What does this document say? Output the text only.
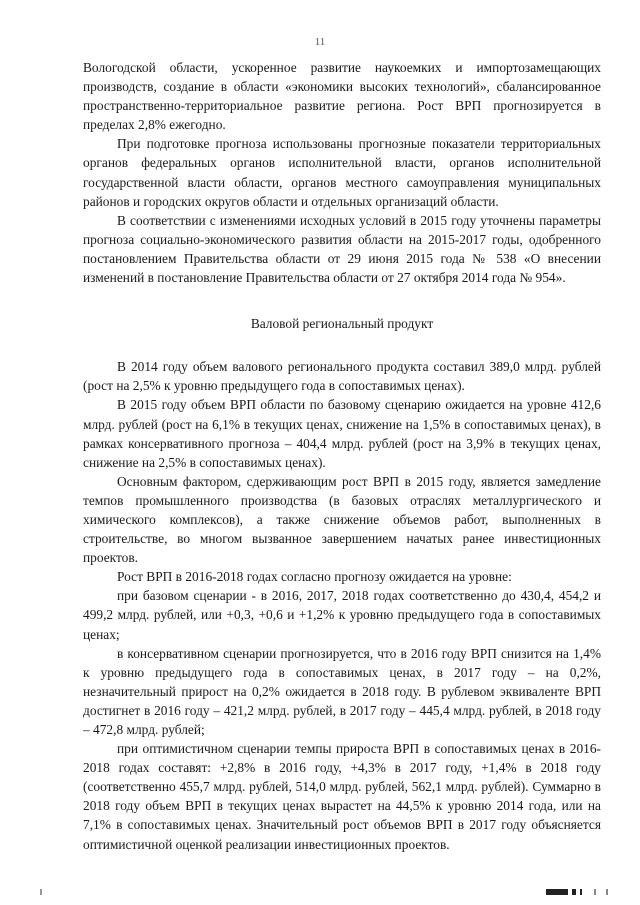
11

Вологодской области, ускоренное развитие наукоемких и импортозамещающих производств, создание в области «экономики высоких технологий», сбалансированное пространственно-территориальное развитие региона. Рост ВРП прогнозируется в пределах 2,8% ежегодно.

При подготовке прогноза использованы прогнозные показатели территориальных органов федеральных органов исполнительной власти, органов исполнительной государственной власти области, органов местного самоуправления муниципальных районов и городских округов области и отдельных организаций области.

В соответствии с изменениями исходных условий в 2015 году уточнены параметры прогноза социально-экономического развития области на 2015-2017 годы, одобренного постановлением Правительства области от 29 июня 2015 года № 538 «О внесении изменений в постановление Правительства области от 27 октября 2014 года № 954».

Валовой региональный продукт

В 2014 году объем валового регионального продукта составил 389,0 млрд. рублей (рост на 2,5% к уровню предыдущего года в сопоставимых ценах).

В 2015 году объем ВРП области по базовому сценарию ожидается на уровне 412,6 млрд. рублей (рост на 6,1% в текущих ценах, снижение на 1,5% в сопоставимых ценах), в рамках консервативного прогноза – 404,4 млрд. рублей (рост на 3,9% в текущих ценах, снижение на 2,5% в сопоставимых ценах).

Основным фактором, сдерживающим рост ВРП в 2015 году, является замедление темпов промышленного производства (в базовых отраслях металлургического и химического комплексов), а также снижение объемов работ, выполненных в строительстве, во многом вызванное завершением начатых ранее инвестиционных проектов.

Рост ВРП в 2016-2018 годах согласно прогнозу ожидается на уровне:

при базовом сценарии - в 2016, 2017, 2018 годах соответственно до 430,4, 454,2 и 499,2 млрд. рублей, или +0,3, +0,6 и +1,2% к уровню предыдущего года в сопоставимых ценах;

в консервативном сценарии прогнозируется, что в 2016 году ВРП снизится на 1,4% к уровню предыдущего года в сопоставимых ценах, в 2017 году – на 0,2%, незначительный прирост на 0,2% ожидается в 2018 году. В рублевом эквиваленте ВРП достигнет в 2016 году – 421,2 млрд. рублей, в 2017 году – 445,4 млрд. рублей, в 2018 году – 472,8 млрд. рублей;

при оптимистичном сценарии темпы прироста ВРП в сопоставимых ценах в 2016-2018 годах составят: +2,8% в 2016 году, +4,3% в 2017 году, +1,4% в 2018 году (соответственно 455,7 млрд. рублей, 514,0 млрд. рублей, 562,1 млрд. рублей). Суммарно в 2018 году объем ВРП в текущих ценах вырастет на 44,5% к уровню 2014 года, или на 7,1% в сопоставимых ценах. Значительный рост объемов ВРП в 2017 году объясняется оптимистичной оценкой реализации инвестиционных проектов.
